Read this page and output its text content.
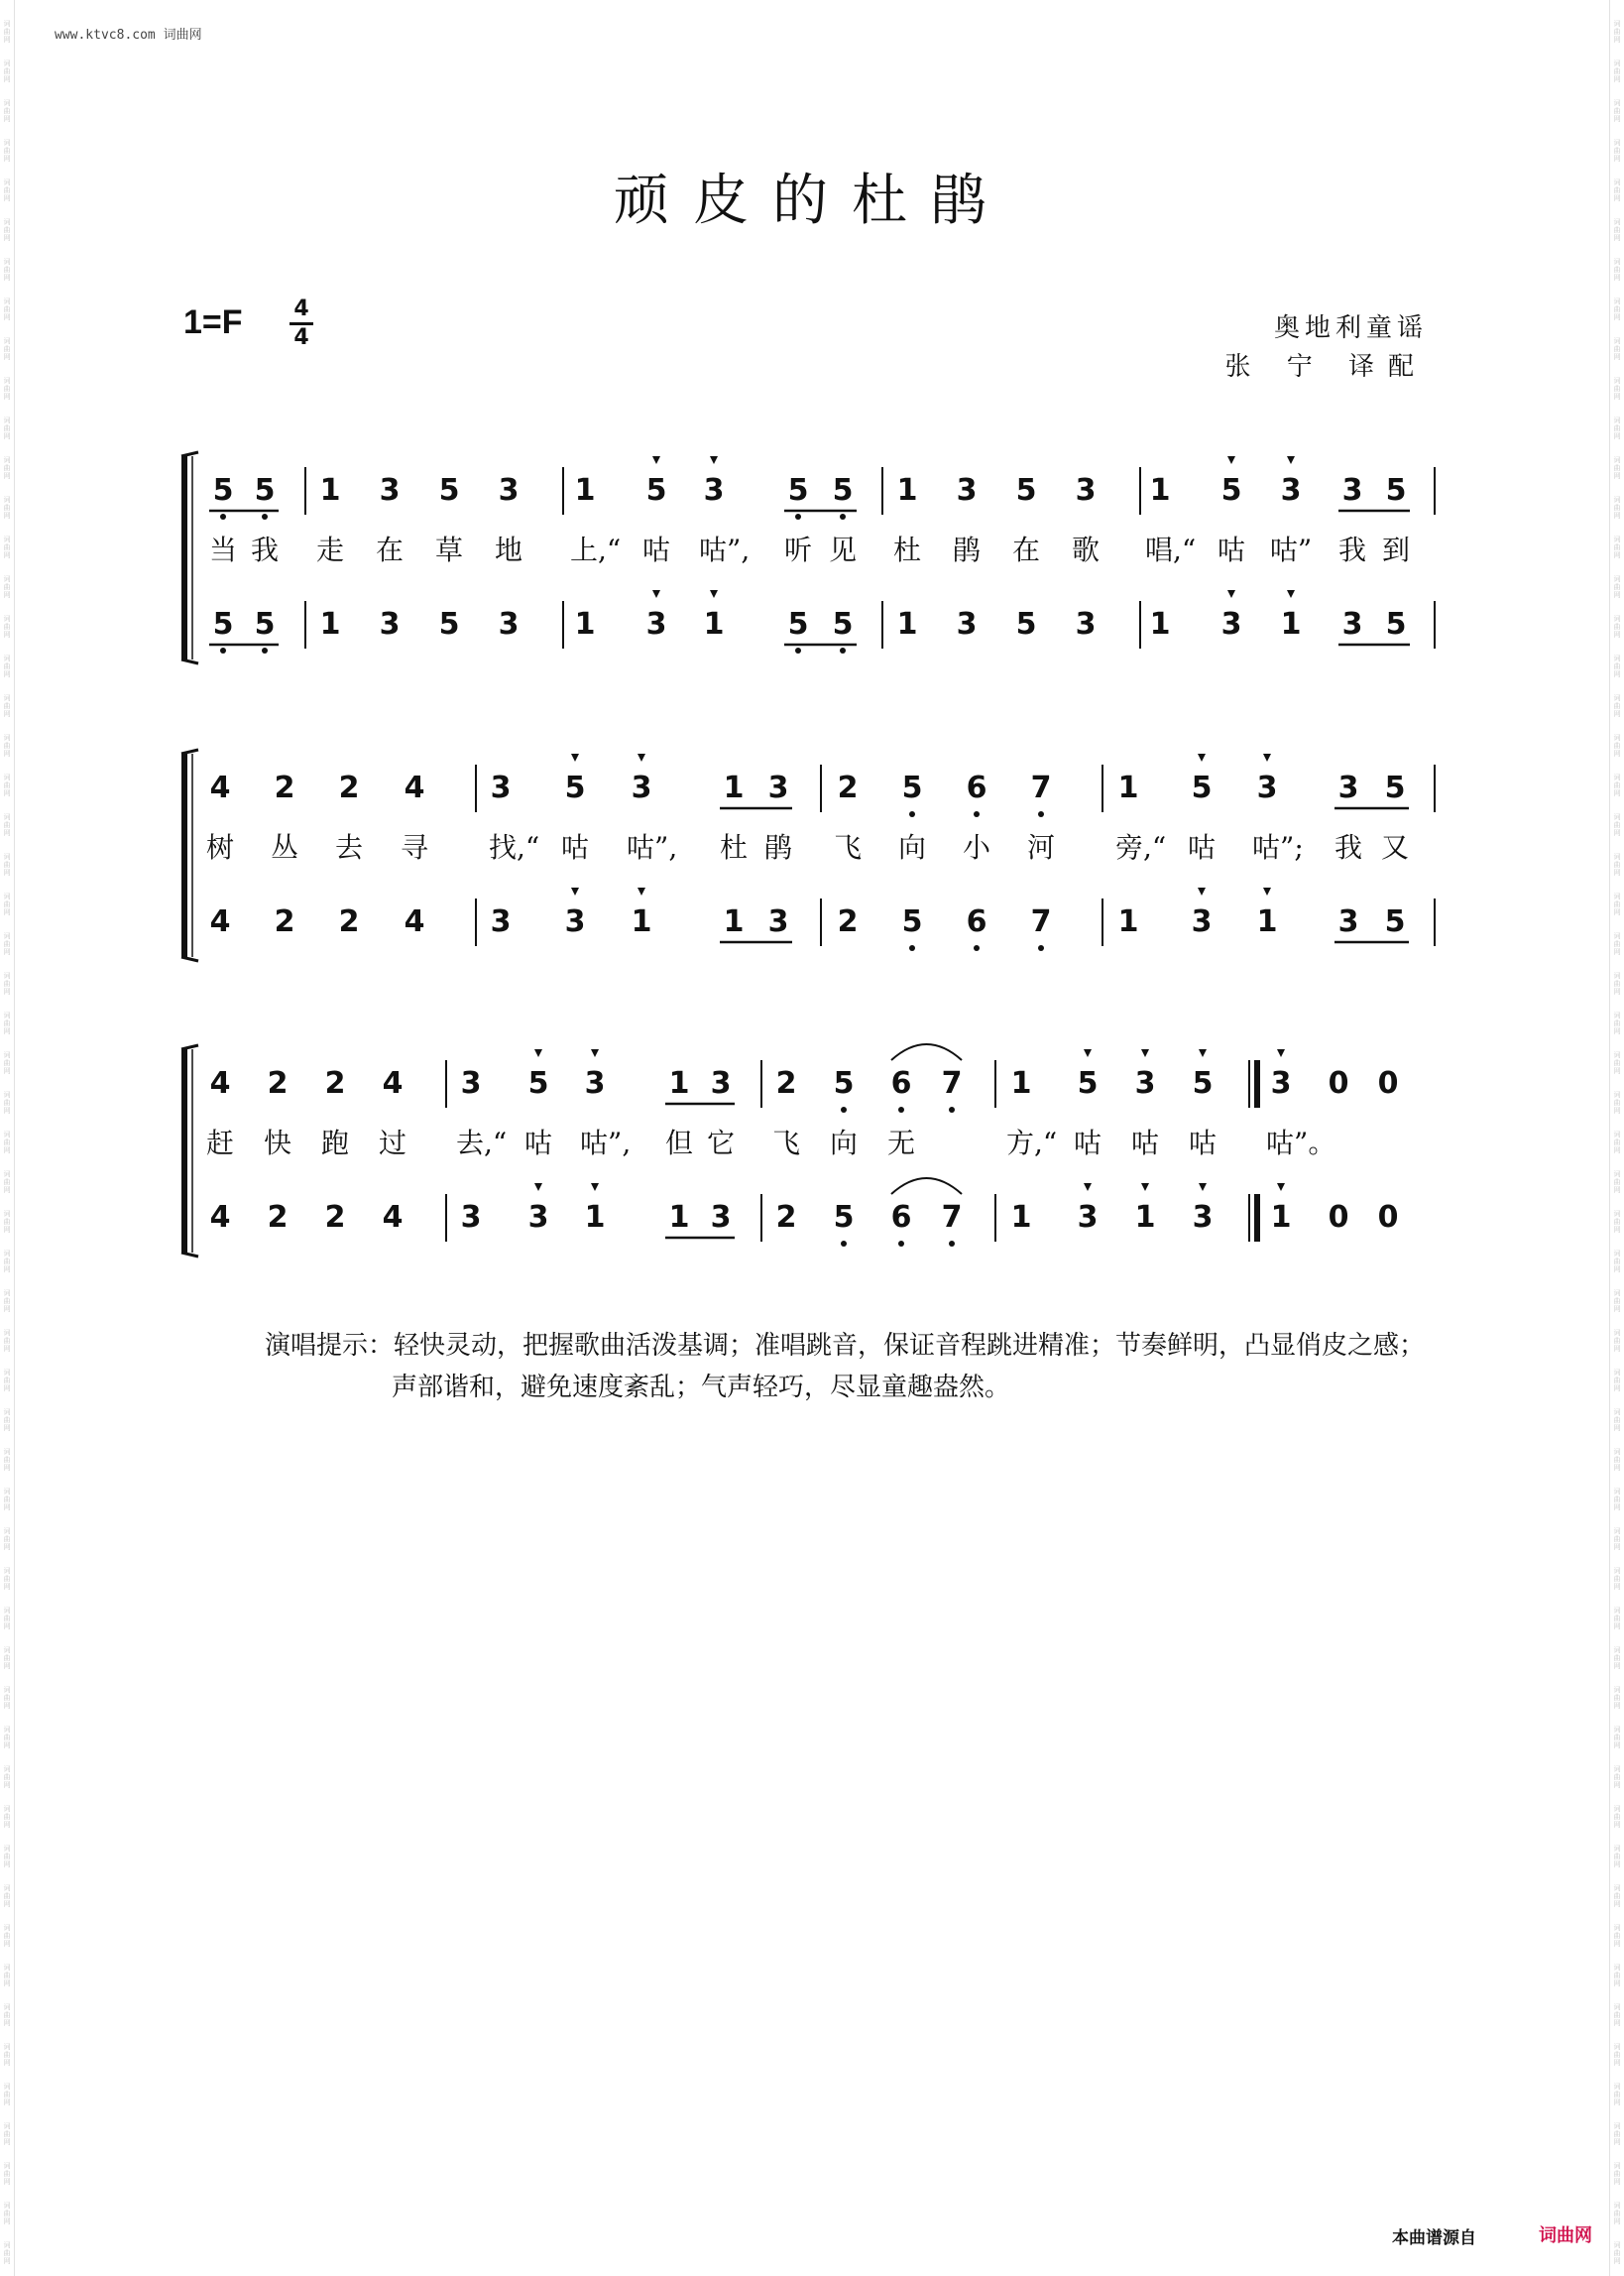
词曲网
词曲网
词曲网
词曲网
词曲网
词曲网
词曲网
词曲网
词曲网
词曲网
词曲网
词曲网
词曲网
词曲网
词曲网
词曲网
词曲网
词曲网
词曲网
词曲网
词曲网
词曲网
词曲网
词曲网
词曲网
词曲网
词曲网
词曲网
词曲网
词曲网
词曲网
词曲网
词曲网
词曲网
词曲网
词曲网
词曲网
词曲网
词曲网
词曲网
词曲网
词曲网
词曲网
词曲网
词曲网
词曲网
词曲网
词曲网
词曲网
词曲网
词曲网
词曲网
词曲网
词曲网
词曲网
词曲网
词曲网
词曲网
词曲网
词曲网
词曲网
词曲网
词曲网
词曲网
词曲网
词曲网
词曲网
词曲网
词曲网
词曲网
词曲网
词曲网
词曲网
词曲网
词曲网
词曲网
词曲网
词曲网
词曲网
词曲网
词曲网
词曲网
词曲网
词曲网
词曲网
词曲网
词曲网
词曲网
词曲网
词曲网
词曲网
词曲网
词曲网
词曲网
词曲网
词曲网
词曲网
词曲网
词曲网
词曲网
词曲网
词曲网
词曲网
词曲网
词曲网
词曲网
词曲网
词曲网
词曲网
词曲网
词曲网
词曲网
词曲网
词曲网
www.ktvc8.com 词曲网
顽皮的杜鹃
1=F 4
4	奥地利童谣
张 宁 译配
5 5	1	3	5	3	1	5	3	5 5	1	3	5	3	1	5	3	3 5
5 5	1	3	5	3	1	3	1	5 5	1	3	5	3	1	3	1	3 5
当 我	走	在	草	地	上,“ 咕	咕”,	听 见	杜	鹃	在	歌	唱,“ 咕 咕” 我 到
4	2	2	4	3	5	3	1 3	2	5	6	7	1	5	3	3 5
4	2	2	4	3	3	1	1 3	2	5	6	7	1	3	1	3 5
树	丛	去	寻	找,“ 咕	咕”,	杜 鹃	飞	向	小	河	旁,“ 咕	咕”;	我 又
4	2	2	4	3	5	3	1 3	2	5	6	7	1	5	3	5	3	0 0
4	2	2	4	3	3	1	1 3	2	5	6	7	1	3	1	3	1	0 0
赶	快	跑	过	去,“ 咕	咕”,	但 它	飞	向	无	方,“ 咕	咕	咕	咕”。
演唱提示：轻快灵动，把握歌曲活泼基调；准唱跳音，保证音程跳进精准；节奏鲜明，凸显俏皮之感；
声部谐和，避免速度紊乱；气声轻巧，尽显童趣盎然。
本曲谱源自	词曲网
